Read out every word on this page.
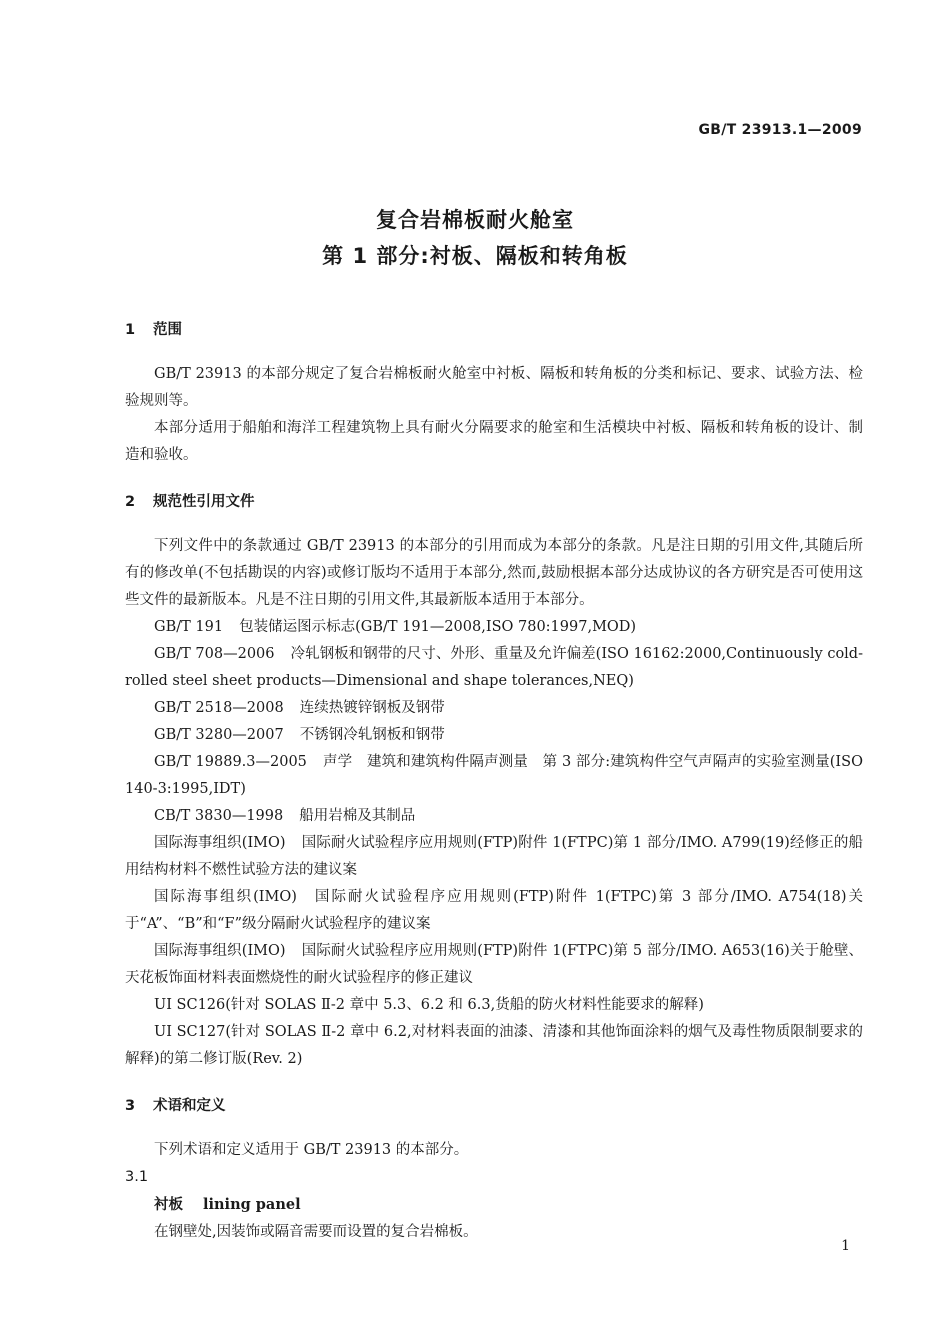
GB/T 23913.1—2009
复合岩棉板耐火舱室
第 1 部分:衬板、隔板和转角板

1 范围

GB/T 23913 的本部分规定了复合岩棉板耐火舱室中衬板、隔板和转角板的分类和标记、要求、试验方法、检验规则等。

本部分适用于船舶和海洋工程建筑物上具有耐火分隔要求的舱室和生活模块中衬板、隔板和转角板的设计、制造和验收。

2 规范性引用文件

下列文件中的条款通过 GB/T 23913 的本部分的引用而成为本部分的条款。凡是注日期的引用文件,其随后所有的修改单(不包括勘误的内容)或修订版均不适用于本部分,然而,鼓励根据本部分达成协议的各方研究是否可使用这些文件的最新版本。凡是不注日期的引用文件,其最新版本适用于本部分。

GB/T 191 包装储运图示标志(GB/T 191—2008,ISO 780:1997,MOD)

GB/T 708—2006 冷轧钢板和钢带的尺寸、外形、重量及允许偏差(ISO 16162:2000,Continuously cold-rolled steel sheet products—Dimensional and shape tolerances,NEQ)

GB/T 2518—2008 连续热镀锌钢板及钢带

GB/T 3280—2007 不锈钢冷轧钢板和钢带

GB/T 19889.3—2005 声学　建筑和建筑构件隔声测量　第 3 部分:建筑构件空气声隔声的实验室测量(ISO 140-3:1995,IDT)

CB/T 3830—1998 船用岩棉及其制品

国际海事组织(IMO) 国际耐火试验程序应用规则(FTP)附件 1(FTPC)第 1 部分/IMO. A799(19)经修正的船用结构材料不燃性试验方法的建议案

国际海事组织(IMO) 国际耐火试验程序应用规则(FTP)附件 1(FTPC)第 3 部分/IMO. A754(18)关于“A”、“B”和“F”级分隔耐火试验程序的建议案

国际海事组织(IMO) 国际耐火试验程序应用规则(FTP)附件 1(FTPC)第 5 部分/IMO. A653(16)关于舱壁、天花板饰面材料表面燃烧性的耐火试验程序的修正建议

UI SC126(针对 SOLAS Ⅱ-2 章中 5.3、6.2 和 6.3,货船的防火材料性能要求的解释)

UI SC127(针对 SOLAS Ⅱ-2 章中 6.2,对材料表面的油漆、清漆和其他饰面涂料的烟气及毒性物质限制要求的解释)的第二修订版(Rev. 2)

3 术语和定义

下列术语和定义适用于 GB/T 23913 的本部分。

3.1

衬板 lining panel

在钢壁处,因装饰或隔音需要而设置的复合岩棉板。

1
